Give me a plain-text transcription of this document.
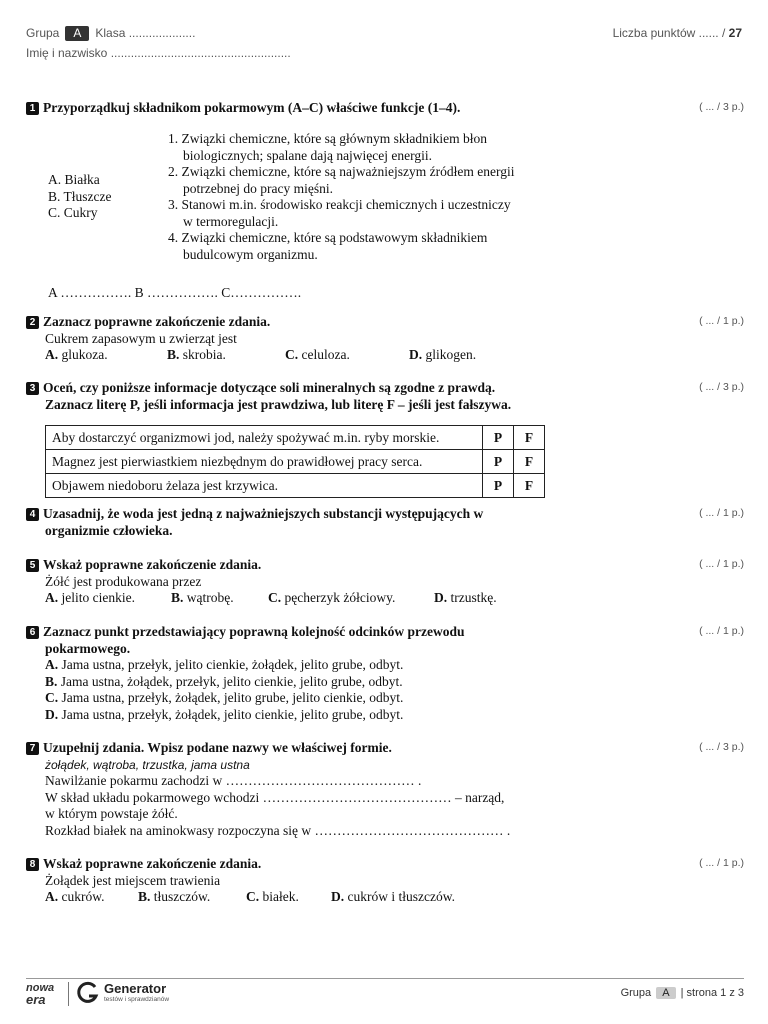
Grupa A Klasa ....................
Imię i nazwisko ......................................................
Liczba punktów ...... / 27
1 Przyporządkuj składnikom pokarmowym (A–C) właściwe funkcje (1–4).	( ... / 3 p.)
A. Białka
B. Tłuszcze
C. Cukry
1. Związki chemiczne, które są głównym składnikiem błon
biologicznych; spalane dają najwięcej energii.
2. Związki chemiczne, które są najważniejszym źródłem energii
potrzebnej do pracy mięśni.
3. Stanowi m.in. środowisko reakcji chemicznych i uczestniczy
w termoregulacji.
4. Związki chemiczne, które są podstawowym składnikiem
budulcowym organizmu.
A ……………. B ……………. C…………….
2 Zaznacz poprawne zakończenie zdania.
Cukrem zapasowym u zwierząt jest
A. glukoza.	B. skrobia.	C. celuloza.	D. glikogen.
( ... / 1 p.)
3 Oceń, czy poniższe informacje dotyczące soli mineralnych są zgodne z prawdą.
Zaznacz literę P, jeśli informacja jest prawdziwa, lub literę F – jeśli jest fałszywa.
( ... / 3 p.)
Aby dostarczyć organizmowi jod, należy spożywać m.in. ryby morskie.	P	F
Magnez jest pierwiastkiem niezbędnym do prawidłowej pracy serca.	P	F
Objawem niedoboru żelaza jest krzywica.	P	F
4 Uzasadnij, że woda jest jedną z najważniejszych substancji występujących w
organizmie człowieka.
( ... / 1 p.)
5 Wskaż poprawne zakończenie zdania.
Żółć jest produkowana przez
A. jelito cienkie.	B. wątrobę.	C. pęcherzyk żółciowy.	D. trzustkę.
( ... / 1 p.)
6 Zaznacz punkt przedstawiający poprawną kolejność odcinków przewodu
pokarmowego.
A. Jama ustna, przełyk, jelito cienkie, żołądek, jelito grube, odbyt.
B. Jama ustna, żołądek, przełyk, jelito cienkie, jelito grube, odbyt.
C. Jama ustna, przełyk, żołądek, jelito grube, jelito cienkie, odbyt.
D. Jama ustna, przełyk, żołądek, jelito cienkie, jelito grube, odbyt.
( ... / 1 p.)
7 Uzupełnij zdania. Wpisz podane nazwy we właściwej formie.
żołądek, wątroba, trzustka, jama ustna
Nawilżanie pokarmu zachodzi w …………………………………… .
W skład układu pokarmowego wchodzi …………………………………… – narząd,
w którym powstaje żółć.
Rozkład białek na aminokwasy rozpoczyna się w …………………………………… .
( ... / 3 p.)
8 Wskaż poprawne zakończenie zdania.
Żołądek jest miejscem trawienia
A. cukrów. B. tłuszczów.	C. białek. D. cukrów i tłuszczów.
( ... / 1 p.)
nowa
era
Generator
testów i sprawdzianów
Grupa A | strona 1 z 3
